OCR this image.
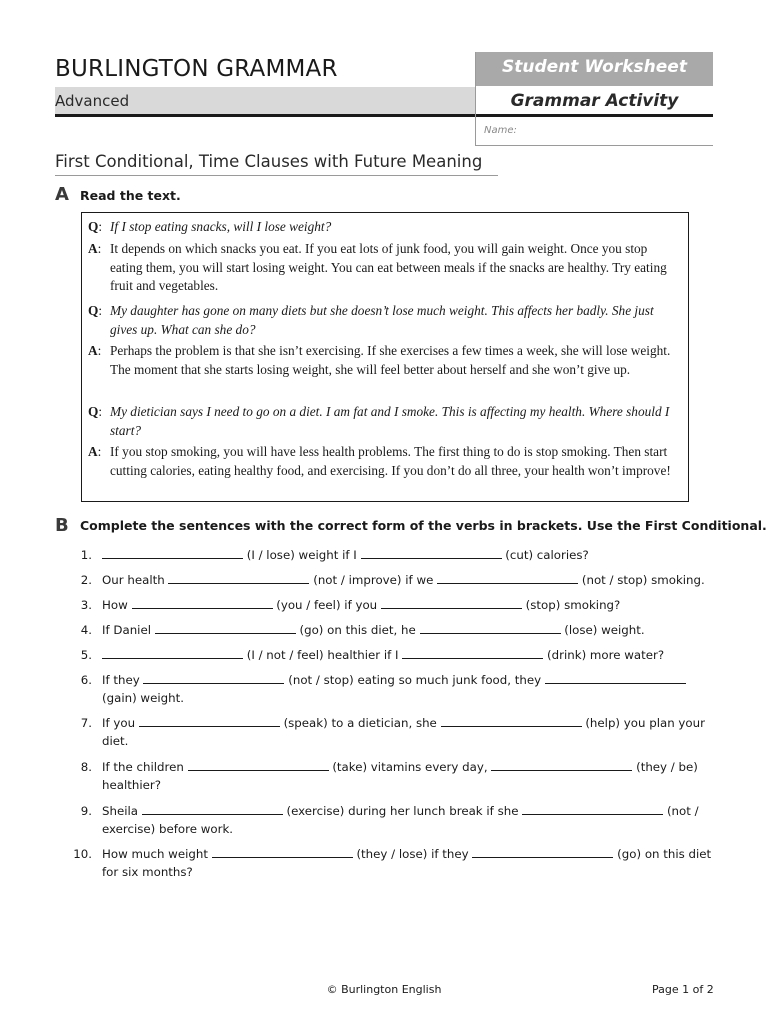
BURLINGTON GRAMMAR
Advanced
Student Worksheet
Grammar Activity
Name:
First Conditional, Time Clauses with Future Meaning
A Read the text.
Q: If I stop eating snacks, will I lose weight?
A: It depends on which snacks you eat. If you eat lots of junk food, you will gain weight. Once you stop eating them, you will start losing weight. You can eat between meals if the snacks are healthy. Try eating fruit and vegetables.
Q: My daughter has gone on many diets but she doesn’t lose much weight. This affects her badly. She just gives up. What can she do?
A: Perhaps the problem is that she isn’t exercising. If she exercises a few times a week, she will lose weight. The moment that she starts losing weight, she will feel better about herself and she won’t give up.
Q: My dietician says I need to go on a diet. I am fat and I smoke. This is affecting my health. Where should I start?
A: If you stop smoking, you will have less health problems. The first thing to do is stop smoking. Then start cutting calories, eating healthy food, and exercising. If you don’t do all three, your health won’t improve!
B Complete the sentences with the correct form of the verbs in brackets. Use the First Conditional.
1.	(I / lose) weight if I	(cut) calories?
2. Our health	(not / improve) if we	(not / stop) smoking.
3. How	(you / feel) if you	(stop) smoking?
4. If Daniel	(go) on this diet, he	(lose) weight.
5.	(I / not / feel) healthier if I	(drink) more water?
6. If they	(not / stop) eating so much junk food, they  (gain) weight.
7. If you	(speak) to a dietician, she	(help) you plan your diet.
8. If the children	(take) vitamins every day,	(they / be) healthier?
9. Sheila	(exercise) during her lunch break if she	(not / exercise) before work.
10. How much weight	(they / lose) if they	(go) on this diet for six months?
© Burlington English	Page 1 of 2
